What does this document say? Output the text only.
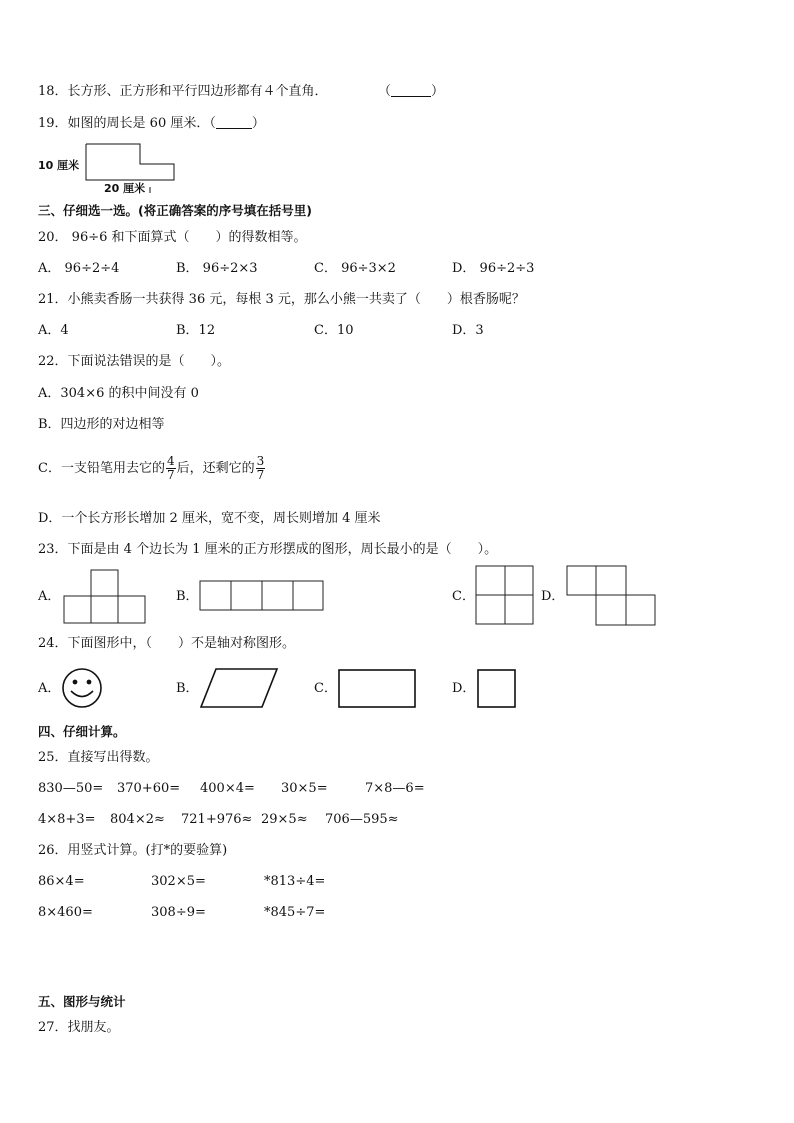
18．长方形、正方形和平行四边形都有４个直角．	（	）
19．如图的周长是 60 厘米．（	）
10 厘米
20 厘米
三、仔细选一选。(将正确答案的序号填在括号里)
20． 96÷6 和下面算式（　　）的得数相等。
A． 96÷2÷4	B． 96÷2×3	C． 96÷3×2	D． 96÷2÷3
21．小熊卖香肠一共获得 36 元，每根 3 元，那么小熊一共卖了（　　）根香肠呢？
A．4	B．12	C．10	D．3
22．下面说法错误的是（　　）。
A．304×6 的积中间没有 0
B．四边形的对边相等
C．一支铅笔用去它的 $\frac{4}{7}$ 后，还剩它的 $\frac{3}{7}$
D．一个长方形长增加 2 厘米，宽不变，周长则增加 4 厘米
23．下面是由 4 个边长为 1 厘米的正方形摆成的图形，周长最小的是（　　）。
A．	B．	C．	D．
24．下面图形中，（　　）不是轴对称图形。
A．	B．	C．	D．
四、仔细计算。
25．直接写出得数。
830—50= 370+60= 400×4= 30×5=	7×8—6=
4×8+3= 804×2≈ 721+976≈ 29×5≈ 706—595≈
26．用竖式计算。(打*的要验算)
86×4=	302×5=	*813÷4=
8×460=	308÷9=	*845÷7=
五、图形与统计
27．找朋友。
